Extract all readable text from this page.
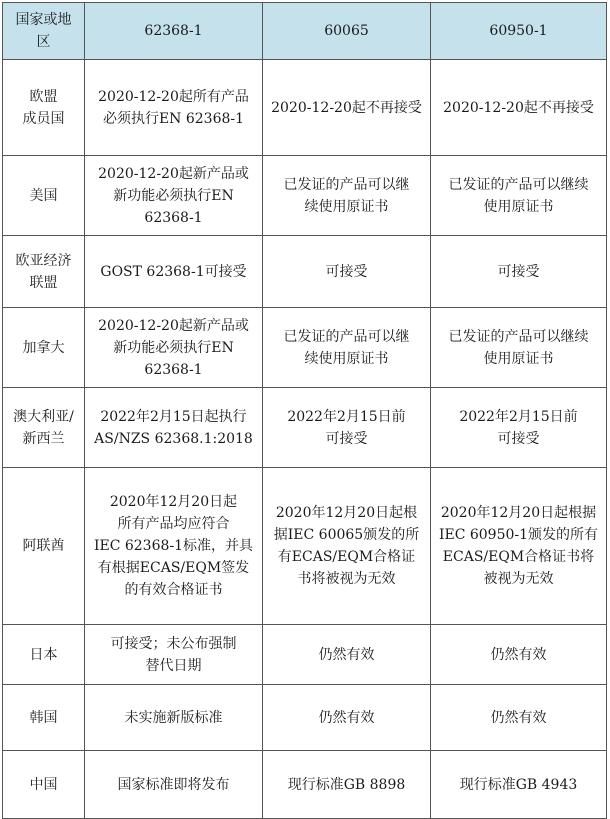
国家或地区	62368-1	60065	60950-1

欧盟
成员国	2020-12-20起所有产品
必须执行EN 62368-1	2020-12-20起不再接受	2020-12-20起不再接受

美国	2020-12-20起新产品或
新功能必须执行EN
62368-1	已发证的产品可以继
续使用原证书	已发证的产品可以继续
使用原证书

欧亚经济
联盟	GOST 62368-1可接受	可接受	可接受

加拿大	2020-12-20起新产品或
新功能必须执行EN
62368-1	已发证的产品可以继
续使用原证书	已发证的产品可以继续
使用原证书

澳大利亚/
新西兰	2022年2月15日起执行
AS/NZS 62368.1:2018	2022年2月15日前
可接受	2022年2月15日前
可接受

阿联酋	2020年12月20日起
所有产品均应符合
IEC 62368-1标准，并具
有根据ECAS/EQM签发
的有效合格证书	2020年12月20日起根
据IEC 60065颁发的所
有ECAS/EQM合格证
书将被视为无效	2020年12月20日起根据
IEC 60950-1颁发的所有
ECAS/EQM合格证书将
被视为无效

日本	可接受；未公布强制
替代日期	仍然有效	仍然有效

韩国	未实施新版标准	仍然有效	仍然有效

中国	国家标准即将发布	现行标准GB 8898	现行标准GB 4943
